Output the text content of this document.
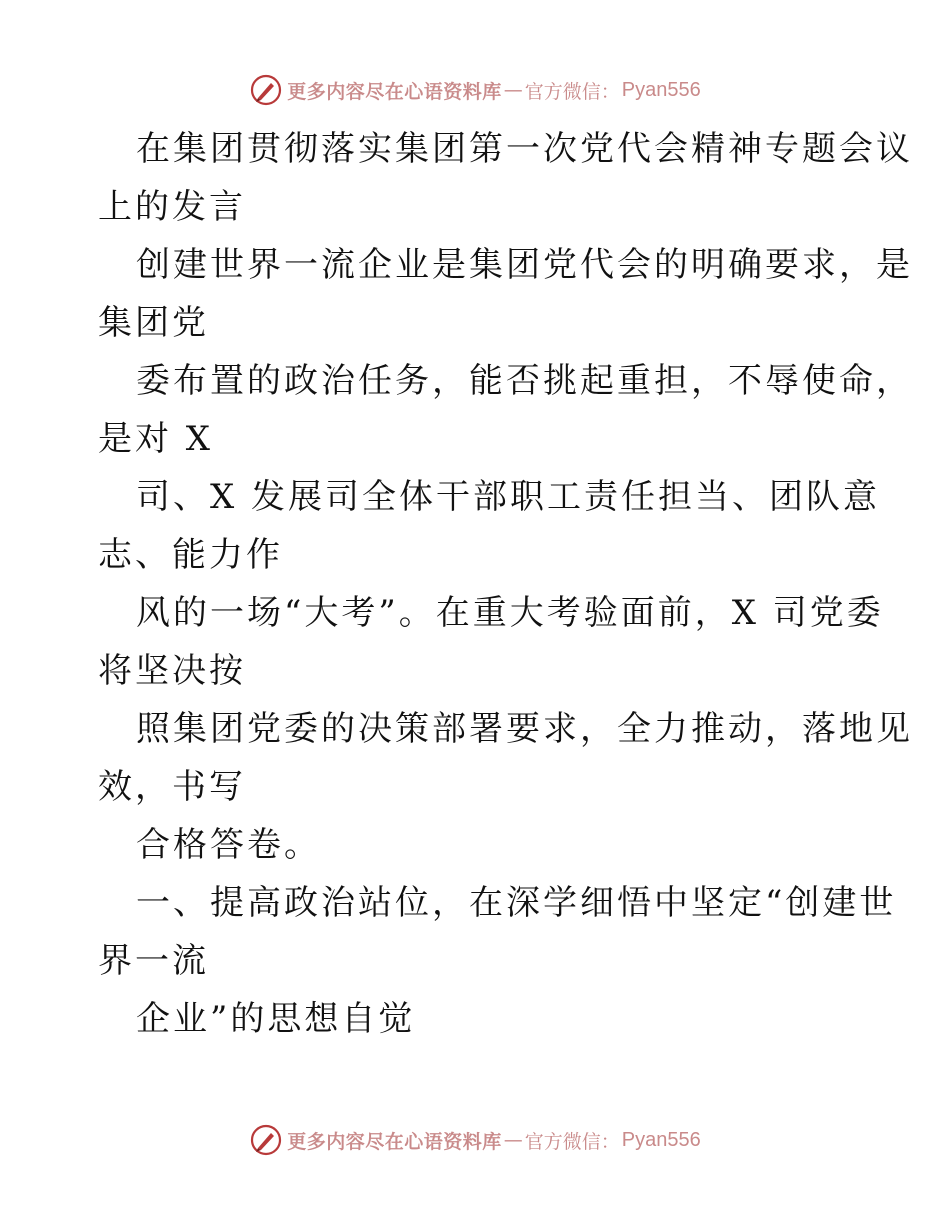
更多内容尽在心语资料库 — 官方微信： Pyan556
在集团贯彻落实集团第一次党代会精神专题会议
上的发言
创建世界一流企业是集团党代会的明确要求，是
集团党
委布置的政治任务，能否挑起重担，不辱使命，
是对 X
司、X 发展司全体干部职工责任担当、团队意
志、能力作
风的一场“大考”。在重大考验面前，X 司党委
将坚决按
照集团党委的决策部署要求，全力推动，落地见
效，书写
合格答卷。
一、提高政治站位，在深学细悟中坚定“创建世
界一流
企业”的思想自觉
更多内容尽在心语资料库 — 官方微信： Pyan556
